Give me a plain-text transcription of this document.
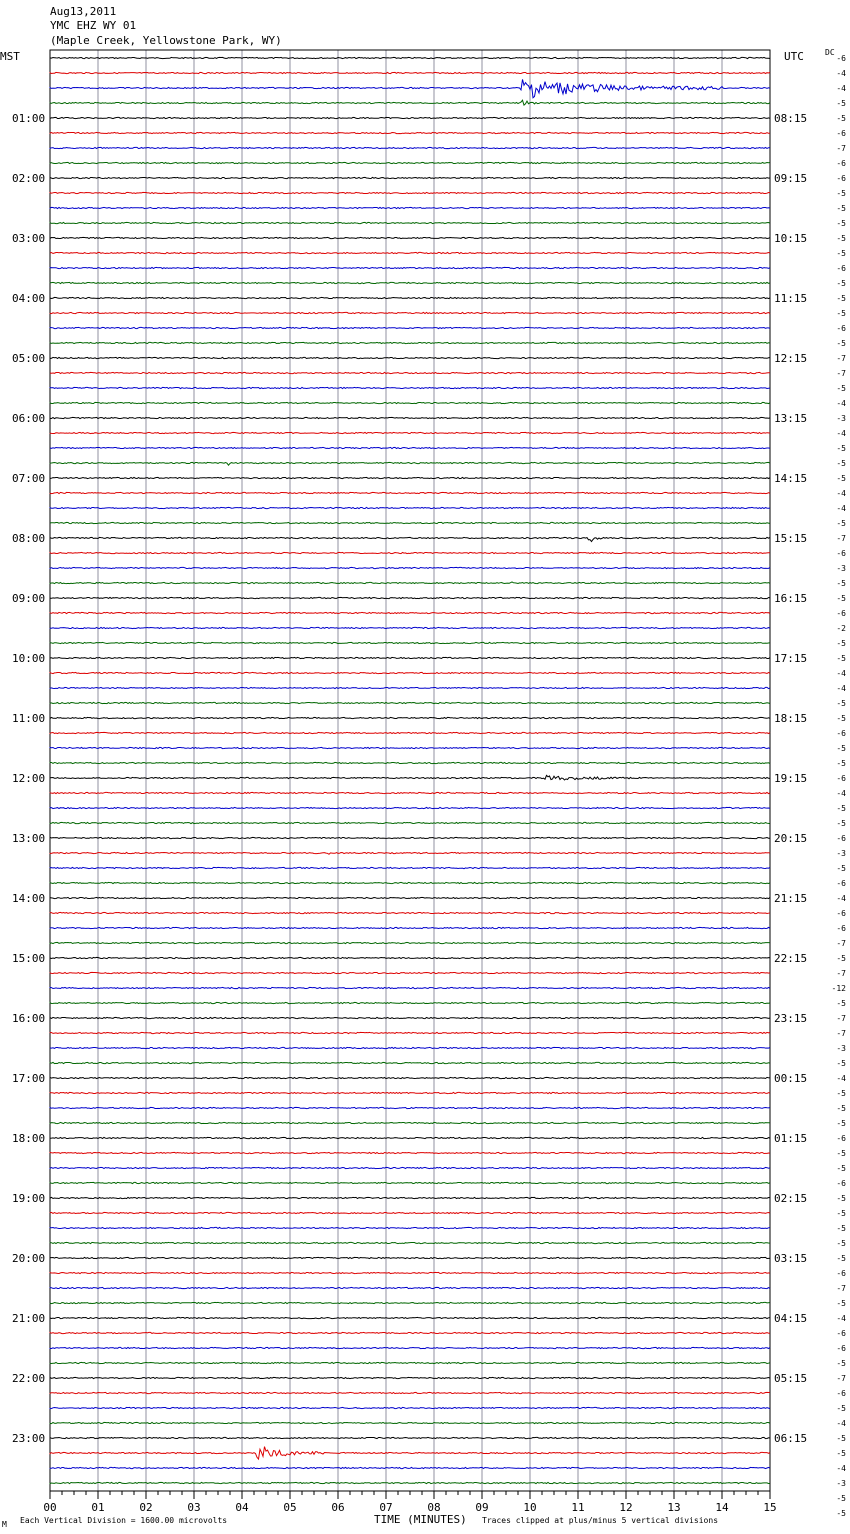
Aug13,2011
YMC EHZ WY 01
(Maple Creek, Yellowstone Park, WY)
MST	UTC	DC
01:00
02:00
03:00
04:00
05:00
06:00
07:00
08:00
09:00
10:00
11:00
12:00
13:00
14:00
15:00
16:00
17:00
18:00
19:00
20:00
21:00
22:00
23:00
08:15
09:15
10:15
11:15
12:15
13:15
14:15
15:15
16:15
17:15
18:15
19:15
20:15
21:15
22:15
23:15
00:15
01:15
02:15
03:15
04:15
05:15
06:15
-6
-4
-4
-5
-5
-6
-7
-6
-6
-5
-5
-5
-5
-5
-6
-5
-5
-5
-6
-5
-7
-7
-5
-4
-3
-4
-5
-5
-5
-4
-4
-5
-7
-6
-3
-5
-5
-6
-2
-5
-5
-4
-4
-5
-5
-6
-5
-5
-6
-4
-5
-5
-6
-3
-5
-6
-4
-6
-6
-7
-5
-7
-12
-5
-7
-7
-3
-5
-4
-5
-5
-5
-6
-5
-5
-6
-5
-5
-5
-5
-5
-6
-7
-5
-4
-6
-6
-5
-7
-6
-5
-4
-5
-5
-4
-3
-5
-5
00	01	02	03	04	05	06	07	08	09	10	11	12	13	14	15
M Each Vertical Division = 1600.00 microvolts	TIME (MINUTES) Traces clipped at plus/minus 5 vertical divisions
